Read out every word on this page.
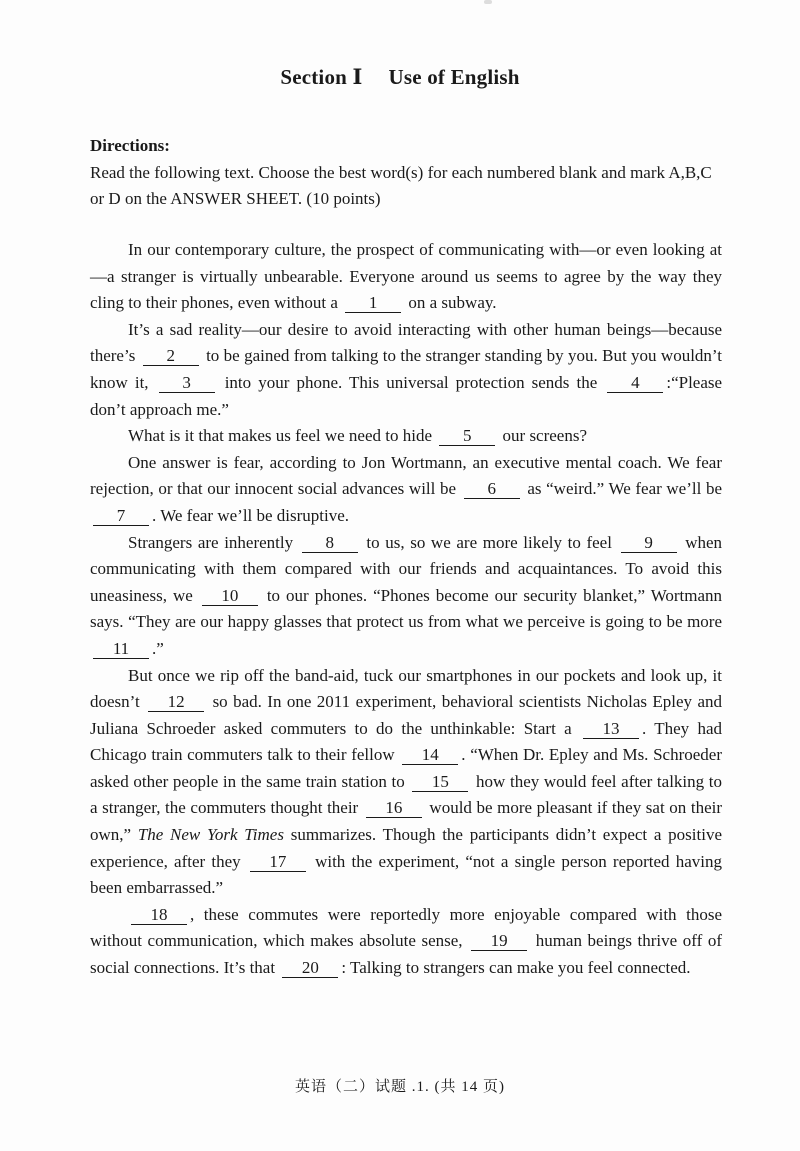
Section Ⅰ Use of English
Directions:
Read the following text. Choose the best word(s) for each numbered blank and mark A,B,C or D on the ANSWER SHEET. (10 points)

In our contemporary culture, the prospect of communicating with—or even looking at—a stranger is virtually unbearable. Everyone around us seems to agree by the way they cling to their phones, even without a 1 on a subway.

It’s a sad reality—our desire to avoid interacting with other human beings—because there’s 2 to be gained from talking to the stranger standing by you. But you wouldn’t know it, 3 into your phone. This universal protection sends the 4 :“Please don’t approach me.”

What is it that makes us feel we need to hide 5 our screens?

One answer is fear, according to Jon Wortmann, an executive mental coach. We fear rejection, or that our innocent social advances will be 6 as “weird.” We fear we’ll be 7 . We fear we’ll be disruptive.

Strangers are inherently 8 to us, so we are more likely to feel 9 when communicating with them compared with our friends and acquaintances. To avoid this uneasiness, we 10 to our phones. “Phones become our security blanket,” Wortmann says. “They are our happy glasses that protect us from what we perceive is going to be more 11 .”

But once we rip off the band-aid, tuck our smartphones in our pockets and look up, it doesn’t 12 so bad. In one 2011 experiment, behavioral scientists Nicholas Epley and Juliana Schroeder asked commuters to do the unthinkable: Start a 13 . They had Chicago train commuters talk to their fellow 14 . “When Dr. Epley and Ms. Schroeder asked other people in the same train station to 15 how they would feel after talking to a stranger, the commuters thought their 16 would be more pleasant if they sat on their own,” The New York Times summarizes. Though the participants didn’t expect a positive experience, after they 17 with the experiment, “not a single person reported having been embarrassed.”

18 , these commutes were reportedly more enjoyable compared with those without communication, which makes absolute sense, 19 human beings thrive off of social connections. It’s that 20 : Talking to strangers can make you feel connected.

英语（二）试题 .1. (共 14 页)
